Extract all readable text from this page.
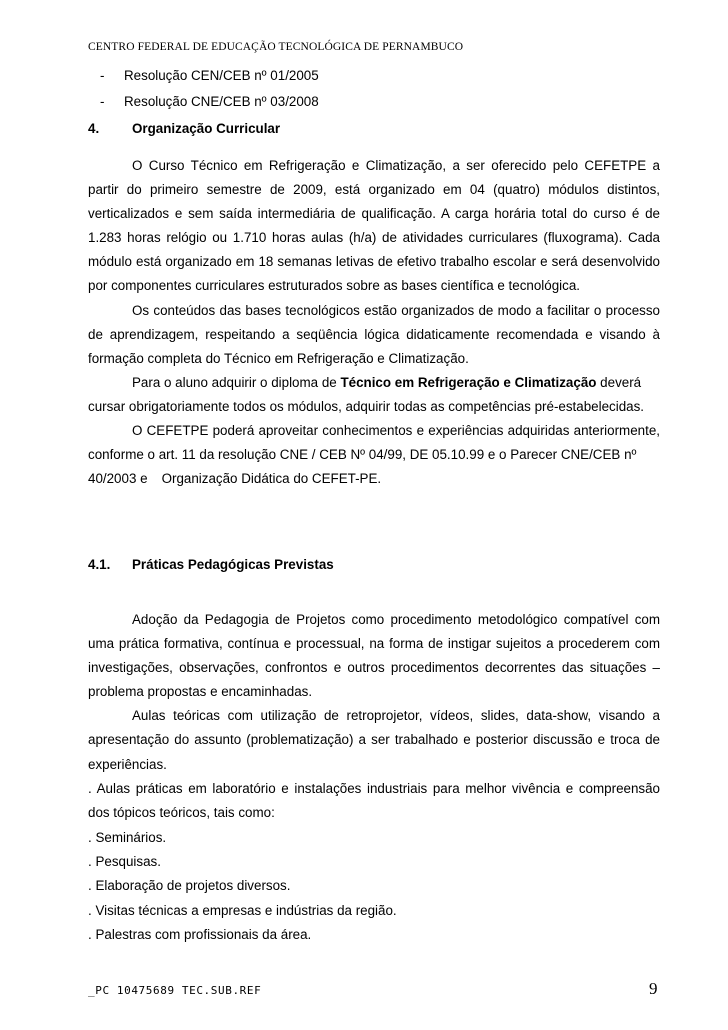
CENTRO FEDERAL DE EDUCAÇÃO TECNOLÓGICA DE PERNAMBUCO
- Resolução CEN/CEB nº 01/2005
- Resolução CNE/CEB nº 03/2008
4. Organização Curricular

O Curso Técnico em Refrigeração e Climatização, a ser oferecido pelo CEFETPE a partir do primeiro semestre de 2009, está organizado em 04 (quatro) módulos distintos, verticalizados e sem saída intermediária de qualificação. A carga horária total do curso é de 1.283 horas relógio ou 1.710 horas aulas (h/a) de atividades curriculares (fluxograma). Cada módulo está organizado em 18 semanas letivas de efetivo trabalho escolar e será desenvolvido por componentes curriculares estruturados sobre as bases científica e tecnológica.

Os conteúdos das bases tecnológicos estão organizados de modo a facilitar o processo de aprendizagem, respeitando a seqüência lógica didaticamente recomendada e visando à formação completa do Técnico em Refrigeração e Climatização.

Para o aluno adquirir o diploma de Técnico em Refrigeração e Climatização deverá

cursar obrigatoriamente todos os módulos, adquirir todas as competências pré-estabelecidas.

O CEFETPE poderá aproveitar conhecimentos e experiências adquiridas anteriormente, conforme o art. 11 da resolução CNE / CEB Nº 04/99, DE 05.10.99 e o Parecer CNE/CEB nº

40/2003 e Organização Didática do CEFET-PE.

4.1. Práticas Pedagógicas Previstas

Adoção da Pedagogia de Projetos como procedimento metodológico compatível com uma prática formativa, contínua e processual, na forma de instigar sujeitos a procederem com investigações, observações, confrontos e outros procedimentos decorrentes das situações – problema propostas e encaminhadas.

Aulas teóricas com utilização de retroprojetor, vídeos, slides, data-show, visando a apresentação do assunto (problematização) a ser trabalhado e posterior discussão e troca de experiências.

. Aulas práticas em laboratório e instalações industriais para melhor vivência e compreensão dos tópicos teóricos, tais como:

. Seminários.
. Pesquisas.
. Elaboração de projetos diversos.
. Visitas técnicas a empresas e indústrias da região.
. Palestras com profissionais da área.
_PC 10475689 TEC.SUB.REF	9
